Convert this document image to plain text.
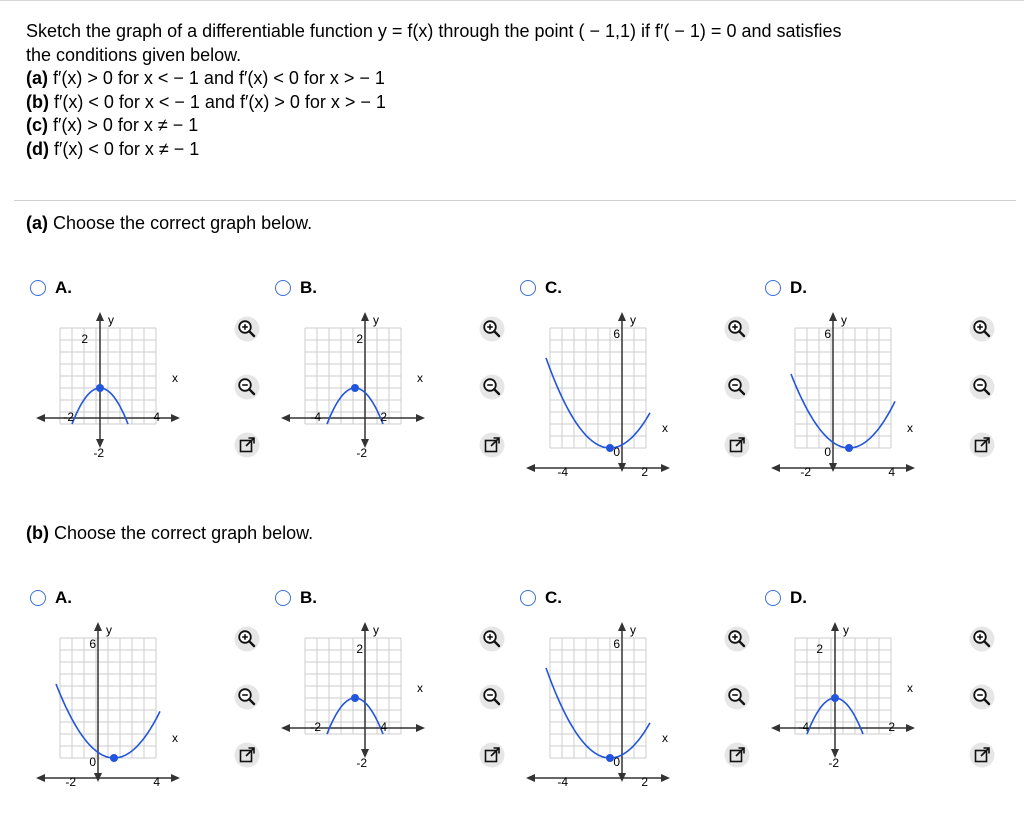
Sketch the graph of a differentiable function y = f(x) through the point ( − 1,1) if f′( − 1) = 0 and satisfies
the conditions given below.
(a) f′(x) > 0 for x < − 1 and f′(x) < 0 for x > − 1
(b) f′(x) < 0 for x < − 1 and f′(x) > 0 for x > − 1
(c) f′(x) > 0 for x ≠ − 1
(d) f′(x) < 0 for x ≠ − 1
(a) Choose the correct graph below.
(b) Choose the correct graph below.
A.
2
-2	4
-2
x
y
B.
2
-4	2
-2
x
y
C.
6
0
-4	2
x
y
D.
6
0
-2	4
x
y
A.
6
0
-2	4
x
y
B.
2
-2	4
-2
x
y
C.
6
0
-4	2
x
y
D.
2
-4	2
-2
x
y
